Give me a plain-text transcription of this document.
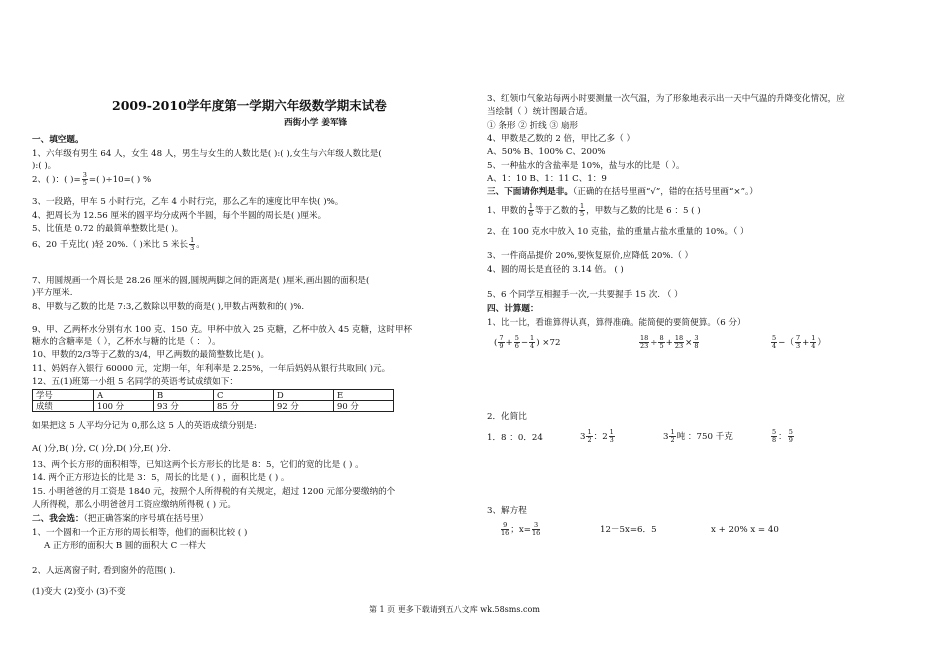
2009-2010学年度第一学期六年级数学期末试卷
西街小学 姜军锋
一、填空题。
1、六年级有男生 64 人，女生 48 人，男生与女生的人数比是( ):( ),女生与六年级人数比是(
):( )。
2、( )：( )= $\frac{3}{5}$ =( )÷10=( ) %
3、一段路，甲车 5 小时行完，乙车 4 小时行完，那么乙车的速度比甲车快( )%。
4、把周长为 12.56 厘米的圆平均分成两个半圆，每个半圆的周长是( )厘米。
5、比值是 0.72 的最简单整数比是( )。
6、20 千克比( )轻 20%.（ )米比 5 米长 $\frac{1}{3}$ 。
7、用圆规画一个周长是 28.26 厘米的圆,圆规两脚之间的距离是( )厘米,画出圆的面积是(
)平方厘米.
8、甲数与乙数的比是 7:3,乙数除以甲数的商是( ),甲数占两数和的( )%.
9、甲、乙两杯水分别有水 100 克、150 克。甲杯中放入 25 克糖，乙杯中放入 45 克糖，这时甲杯
糖水的含糖率是（ ），乙杯水与糖的比是（ ： ）。
10、甲数的2/3等于乙数的3/4，甲乙两数的最简整数比是( )。
11、妈妈存入银行 60000 元，定期一年，年利率是 2.25%，一年后妈妈从银行共取回( )元。
12、五(1)班第一小组 5 名同学的英语考试成绩如下：
学号	A	B	C	D	E
成绩	100 分	93 分	85 分	92 分	90 分
如果把这 5 人平均分记为 0,那么这 5 人的英语成绩分别是:
A( )分,B( )分, C( )分,D( )分,E( )分.
13、两个长方形的面积相等，已知这两个长方形长的比是 8：5，它们的宽的比是 ( ) 。
14. 两个正方形边长的比是 3：5，周长的比是 ( ) ，面积比是 ( ) 。
15. 小明爸爸的月工资是 1840 元，按照个人所得税的有关规定，超过 1200 元部分要缴纳的个
人所得税，那么小明爸爸月工资应缴纳所得税 ( ) 元。
二、我会选：（把正确答案的序号填在括号里）
1、一个圆和一个正方形的周长相等，他们的面积比较 ( )
A 正方形的面积大 B 圆的面积大 C 一样大
2、人远离窗子时, 看到窗外的范围( ).
(1)变大 (2)变小 (3)不变
3、红领巾气象站每两小时要测量一次气温，为了形象地表示出一天中气温的升降变化情况，应
当绘制（ ）统计图最合适。
① 条形 ② 折线 ③ 扇形
4、甲数是乙数的 2 倍，甲比乙多（ ）
A、50% B、100% C、200%
5、一种盐水的含盐率是 10%，盐与水的比是（ ）。
A、1：10 B、1：11 C、1：9
三、下面请你判是非。（正确的在括号里画“√”，错的在括号里画“×”。）
1、甲数的 $\frac{1}{6}$ 等于乙数的 $\frac{1}{5}$ ，甲数与乙数的比是 6 ：5 ( )
2、在 100 克水中放入 10 克盐，盐的重量占盐水重量的 10%。（ ）
3、一件商品提价 20%,要恢复原价,应降低 20%.（ ）
4、圆的周长是直径的 3.14 倍。 ( )
5、6 个同学互相握手一次,一共要握手 15 次. （ ）
四、计算题：
1、比一比，看谁算得认真，算得准确。能简便的要简便算。（6 分）
( $\frac{7}{9} + \frac{5}{6} - \frac{1}{4}$ ) ×72	$\frac{18}{23} \div \frac{8}{5} + \frac{18}{23} \times \frac{3}{8}$	$\frac{5}{4}$ −（ $\frac{7}{3} + \frac{1}{4}$ ）
2．化简比
1．8 ：0．24	$3 \frac{1}{2}$ ：$2 \frac{1}{3}$	$3 \frac{1}{2}$ 吨 ：750 千克	$\frac{5}{8}$ ： $\frac{5}{9}$
3、解方程
$\frac{9}{16}$ ；$x= \frac{3}{16}$	12－5x=6．5	x + 20% x = 40
第 1 页 更多下载请到五八文库 wk.58sms.com
